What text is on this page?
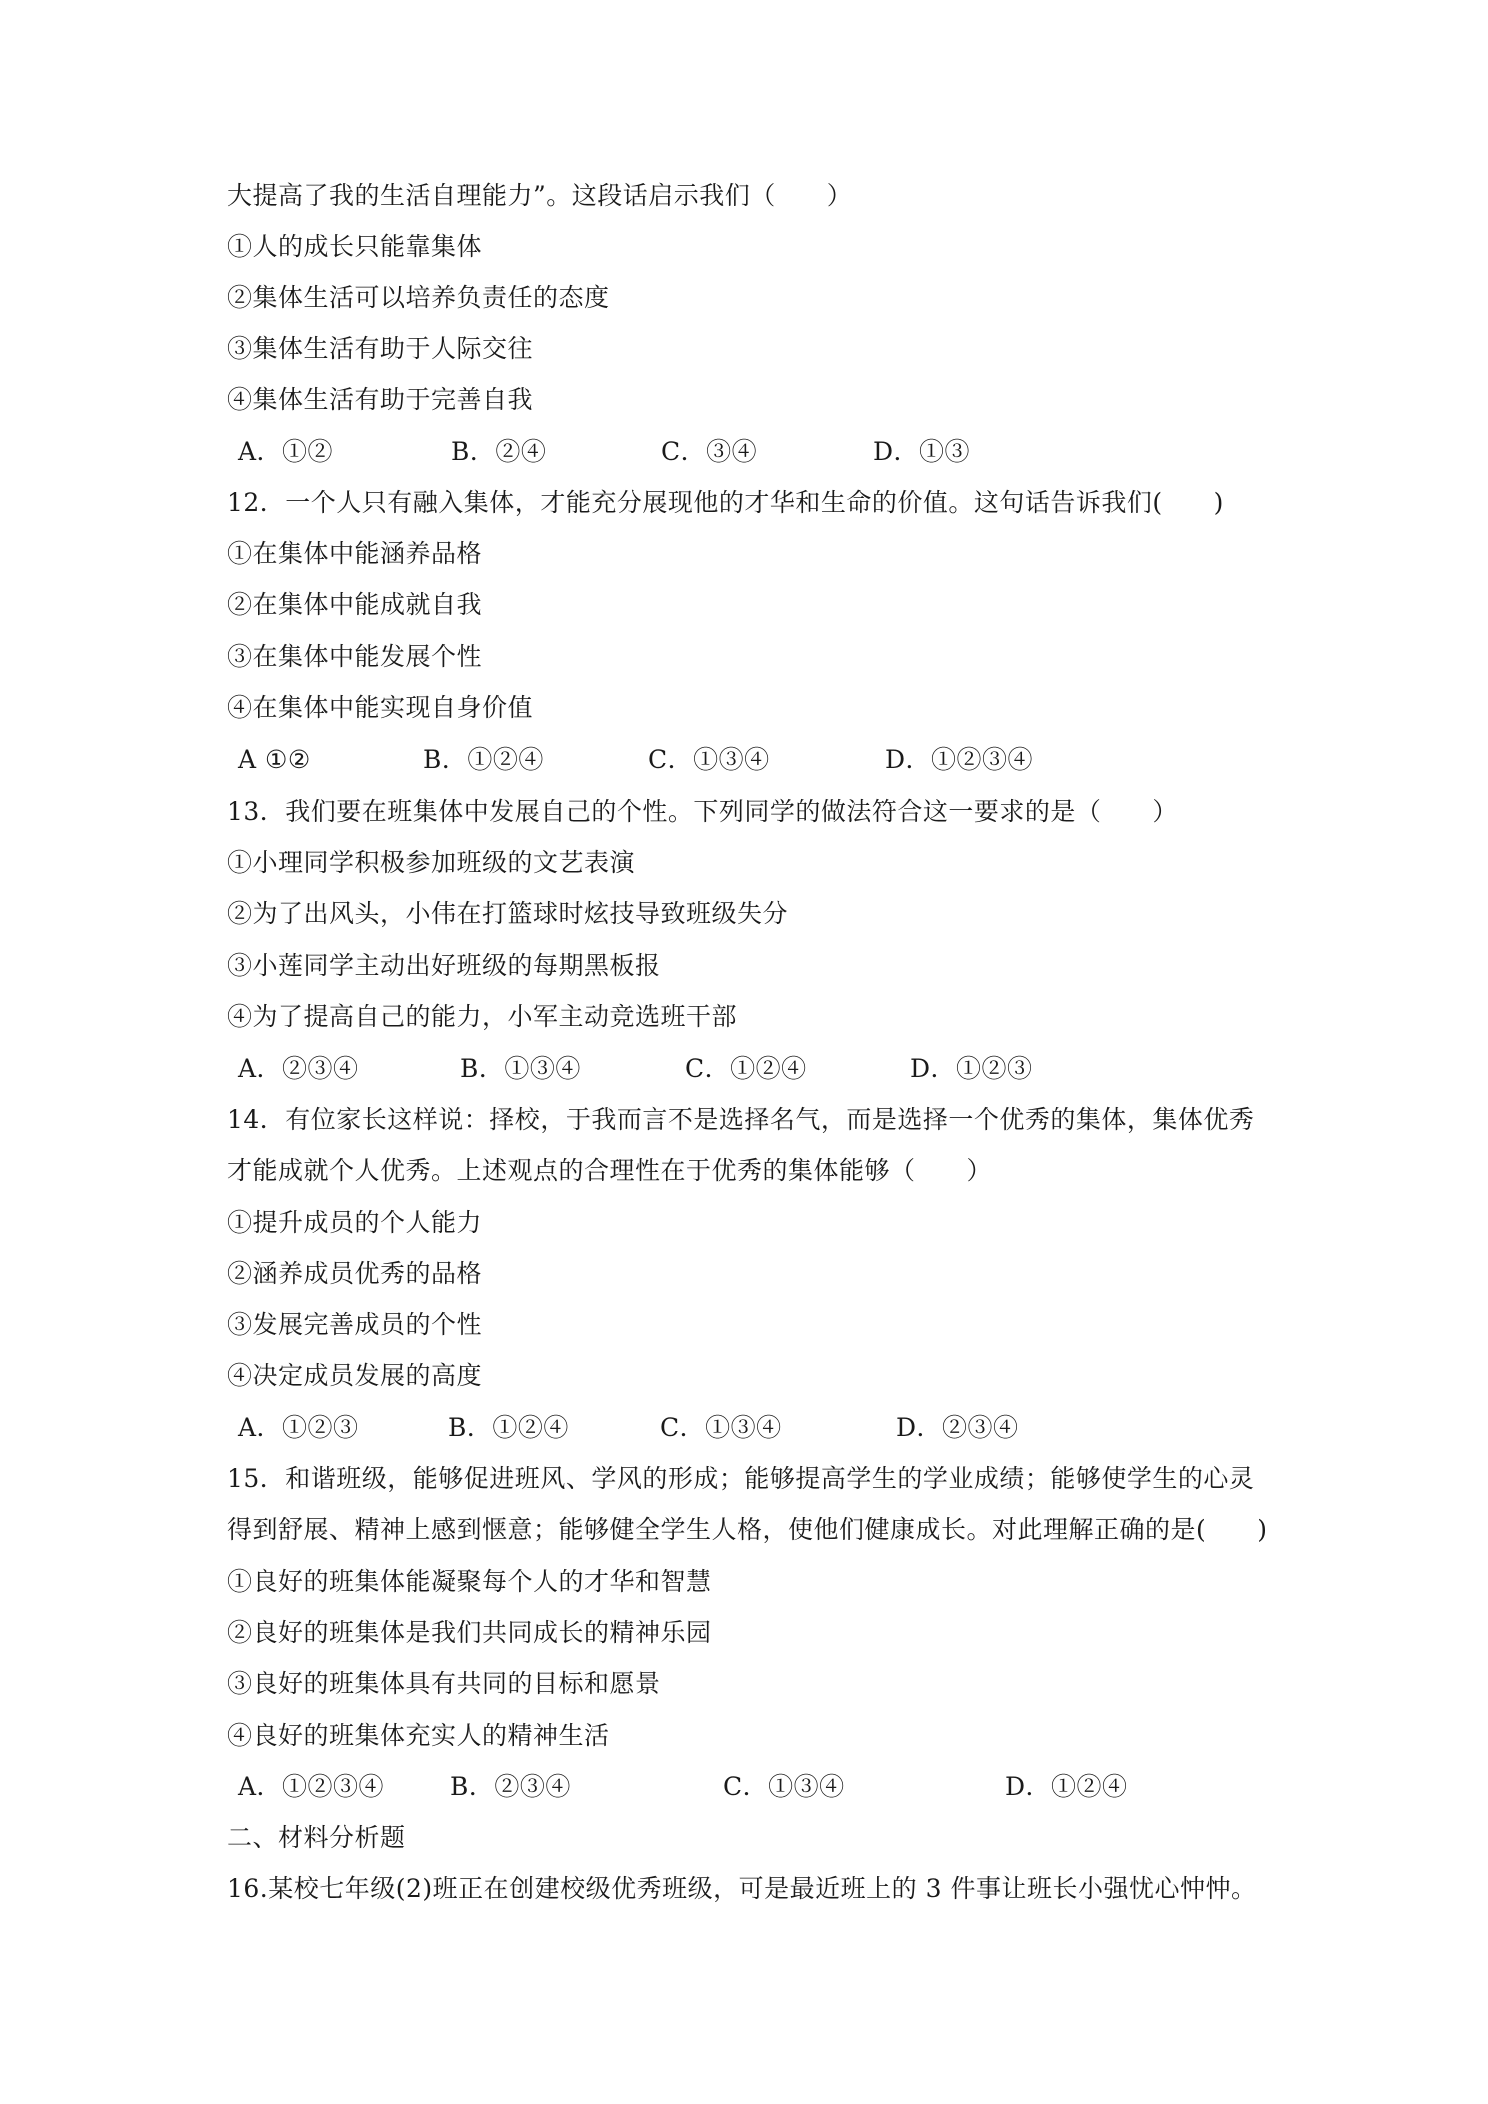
大提高了我的生活自理能力”。这段话启示我们（　　）
①人的成长只能靠集体
②集体生活可以培养负责任的态度
③集体生活有助于人际交往
④集体生活有助于完善自我
A．①②	B．②④	C．③④	D．①③
12．一个人只有融入集体，才能充分展现他的才华和生命的价值。这句话告诉我们(　　)
①在集体中能涵养品格
②在集体中能成就自我
③在集体中能发展个性
④在集体中能实现自身价值
A ①②	B．①②④	C．①③④	D．①②③④
13．我们要在班集体中发展自己的个性。下列同学的做法符合这一要求的是（　　）
①小理同学积极参加班级的文艺表演
②为了出风头，小伟在打篮球时炫技导致班级失分
③小莲同学主动出好班级的每期黑板报
④为了提高自己的能力，小军主动竞选班干部
A．②③④	B．①③④	C．①②④	D．①②③
14．有位家长这样说：择校，于我而言不是选择名气，而是选择一个优秀的集体，集体优秀
才能成就个人优秀。上述观点的合理性在于优秀的集体能够（　　）
①提升成员的个人能力
②涵养成员优秀的品格
③发展完善成员的个性
④决定成员发展的高度
A．①②③	B．①②④	C．①③④	D．②③④
15．和谐班级，能够促进班风、学风的形成；能够提高学生的学业成绩；能够使学生的心灵
得到舒展、精神上感到惬意；能够健全学生人格，使他们健康成长。对此理解正确的是(　　)
①良好的班集体能凝聚每个人的才华和智慧
②良好的班集体是我们共同成长的精神乐园
③良好的班集体具有共同的目标和愿景
④良好的班集体充实人的精神生活
A．①②③④	B．②③④	C．①③④	D．①②④
二、材料分析题
16.某校七年级(2)班正在创建校级优秀班级，可是最近班上的 3 件事让班长小强忧心忡忡。
